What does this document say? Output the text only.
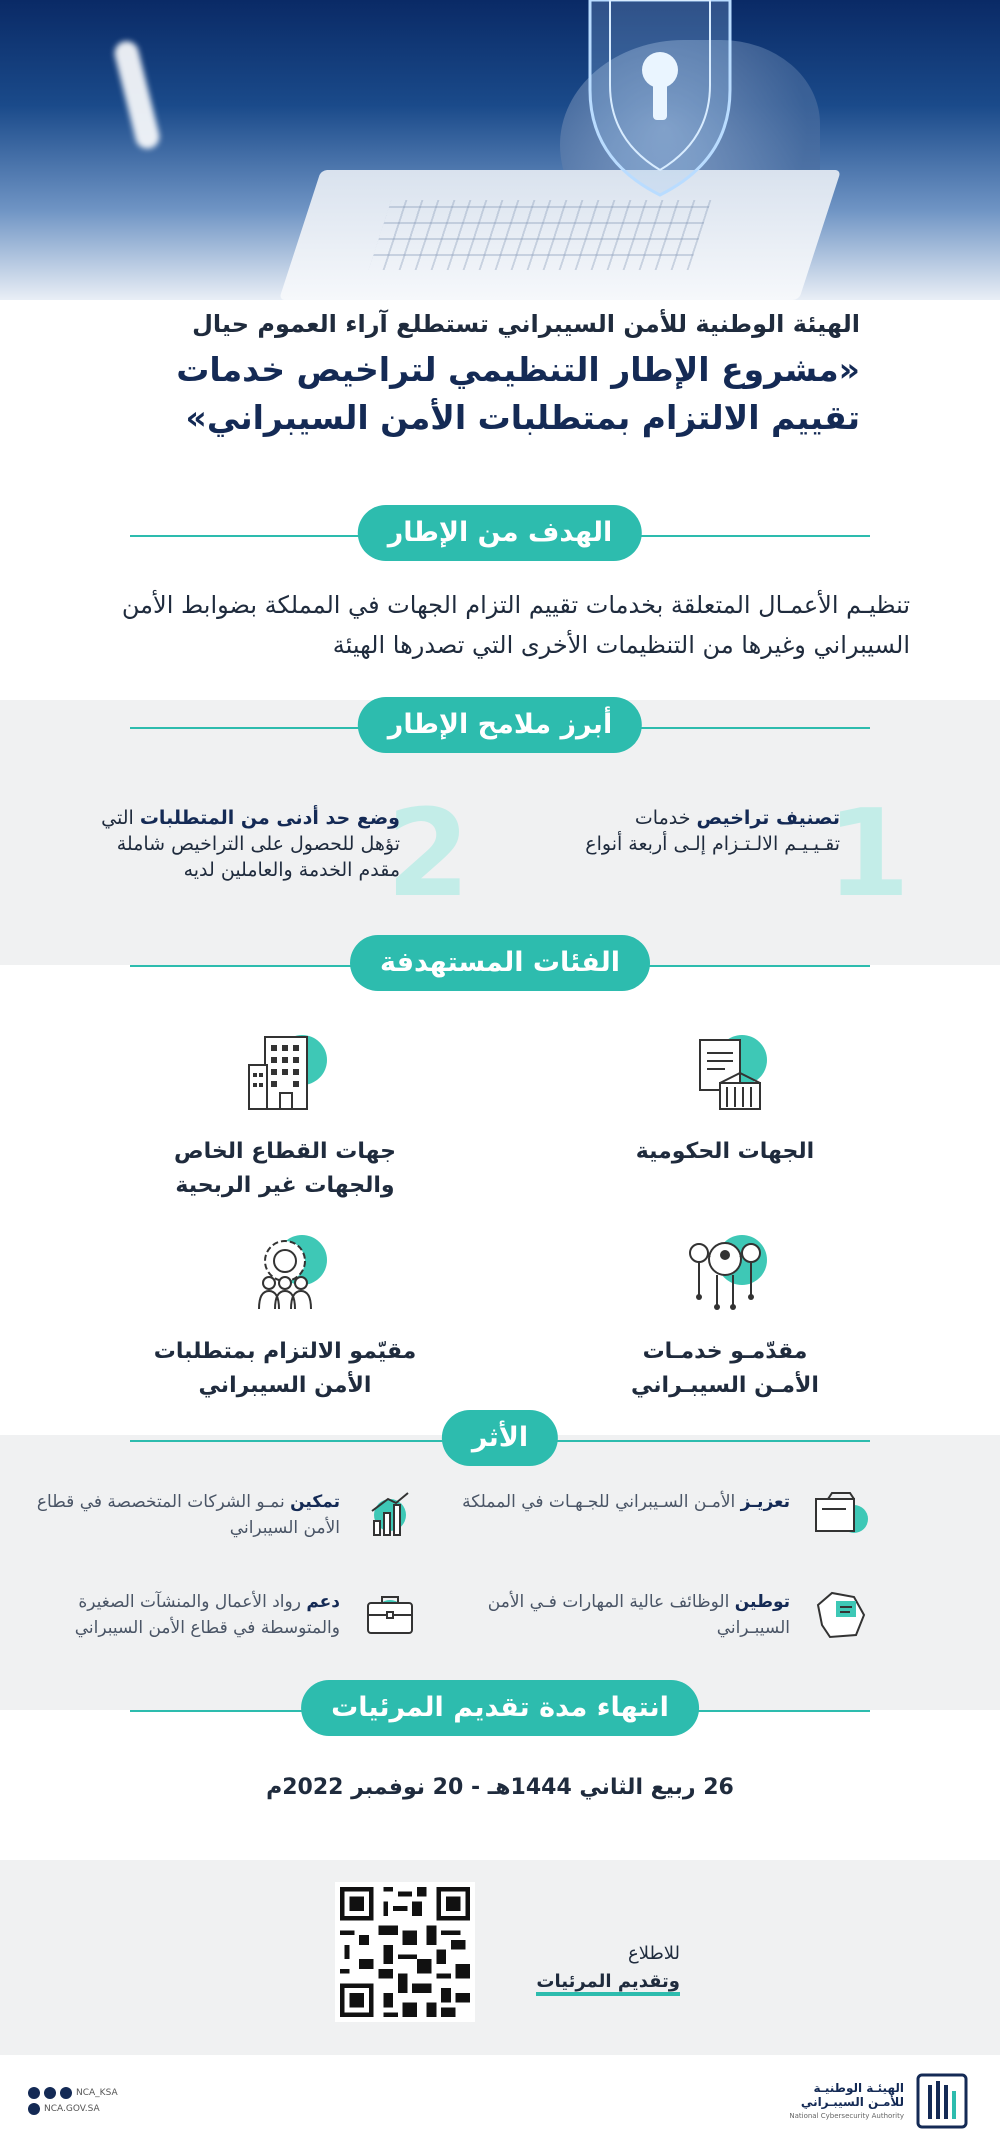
الهيئة الوطنية للأمن السيبراني تستطلع آراء العموم حيال
«مشروع الإطار التنظيمي لتراخيص خدمات
تقييم الالتزام بمتطلبات الأمن السيبراني»
الهدف من الإطار
تنظيـم الأعمـال المتعلقة بخدمات تقييم التزام الجهات في المملكة بضوابط الأمن السيبراني وغيرها من التنظيمات الأخرى التي تصدرها الهيئة
أبرز ملامح الإطار
1
تصنيف تراخيص خدمات تقـيـيـم الالـتـزام إلـى أربعة أنواع
2
وضع حد أدنى من المتطلبات التي تؤهل للحصول على التراخيص شاملة مقدم الخدمة والعاملين لديه
الفئات المستهدفة
الجهات الحكومية
جهات القطاع الخاص
والجهات غير الربحية
مقدّمـو خدمـات
الأمـن السيبـراني
مقيّمو الالتزام بمتطلبات
الأمن السيبراني
الأثر
تعزيـز الأمـن السـيبراني للجـهـات في المملكة
تمكين نمـو الشركات المتخصصة في قطاع الأمن السيبراني
توطين الوظائف عالية المهارات فـي الأمن السيبـراني
دعم رواد الأعمال والمنشآت الصغيرة والمتوسطة في قطاع الأمن السيبراني
انتهاء مدة تقديم المرئيات
26 ربيع الثاني 1444هـ - 20 نوفمبر 2022م
للاطلاع
وتقديم المرئيات
NCA_KSA
NCA.GOV.SA
الهيئـة الوطنيـة
للأمـن السيبـراني
National Cybersecurity Authority
